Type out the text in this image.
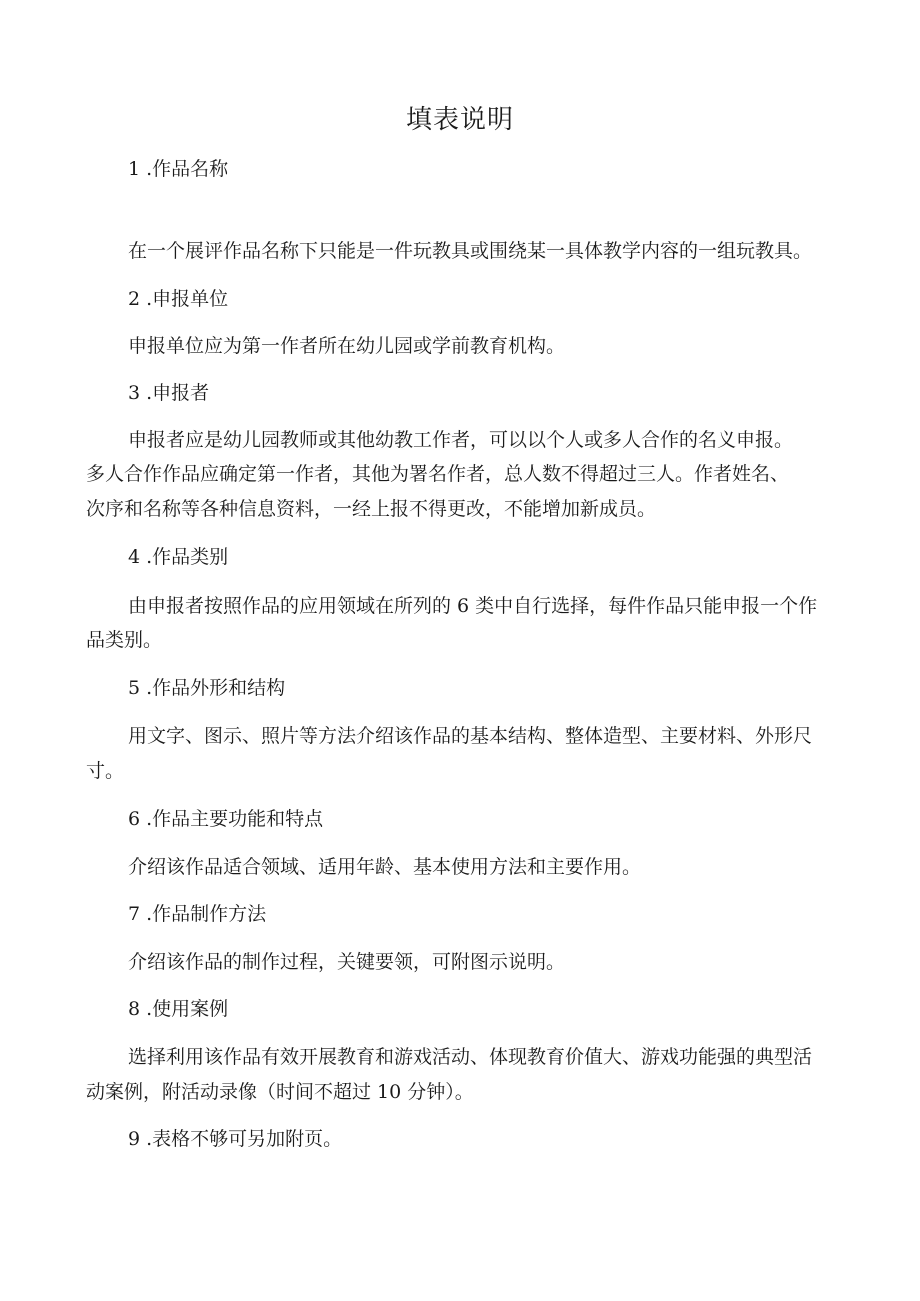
填表说明
1 .作品名称
在一个展评作品名称下只能是一件玩教具或围绕某一具体教学内容的一组玩教具。
2 .申报单位
申报单位应为第一作者所在幼儿园或学前教育机构。
3 .申报者
申报者应是幼儿园教师或其他幼教工作者，可以以个人或多人合作的名义申报。
多人合作作品应确定第一作者，其他为署名作者，总人数不得超过三人。作者姓名、
次序和名称等各种信息资料，一经上报不得更改，不能增加新成员。
4 .作品类别
由申报者按照作品的应用领域在所列的 6 类中自行选择，每件作品只能申报一个作
品类别。
5 .作品外形和结构
用文字、图示、照片等方法介绍该作品的基本结构、整体造型、主要材料、外形尺
寸。
6 .作品主要功能和特点
介绍该作品适合领域、适用年龄、基本使用方法和主要作用。
7 .作品制作方法
介绍该作品的制作过程，关键要领，可附图示说明。
8 .使用案例
选择利用该作品有效开展教育和游戏活动、体现教育价值大、游戏功能强的典型活
动案例，附活动录像（时间不超过 10 分钟）。
9 .表格不够可另加附页。
